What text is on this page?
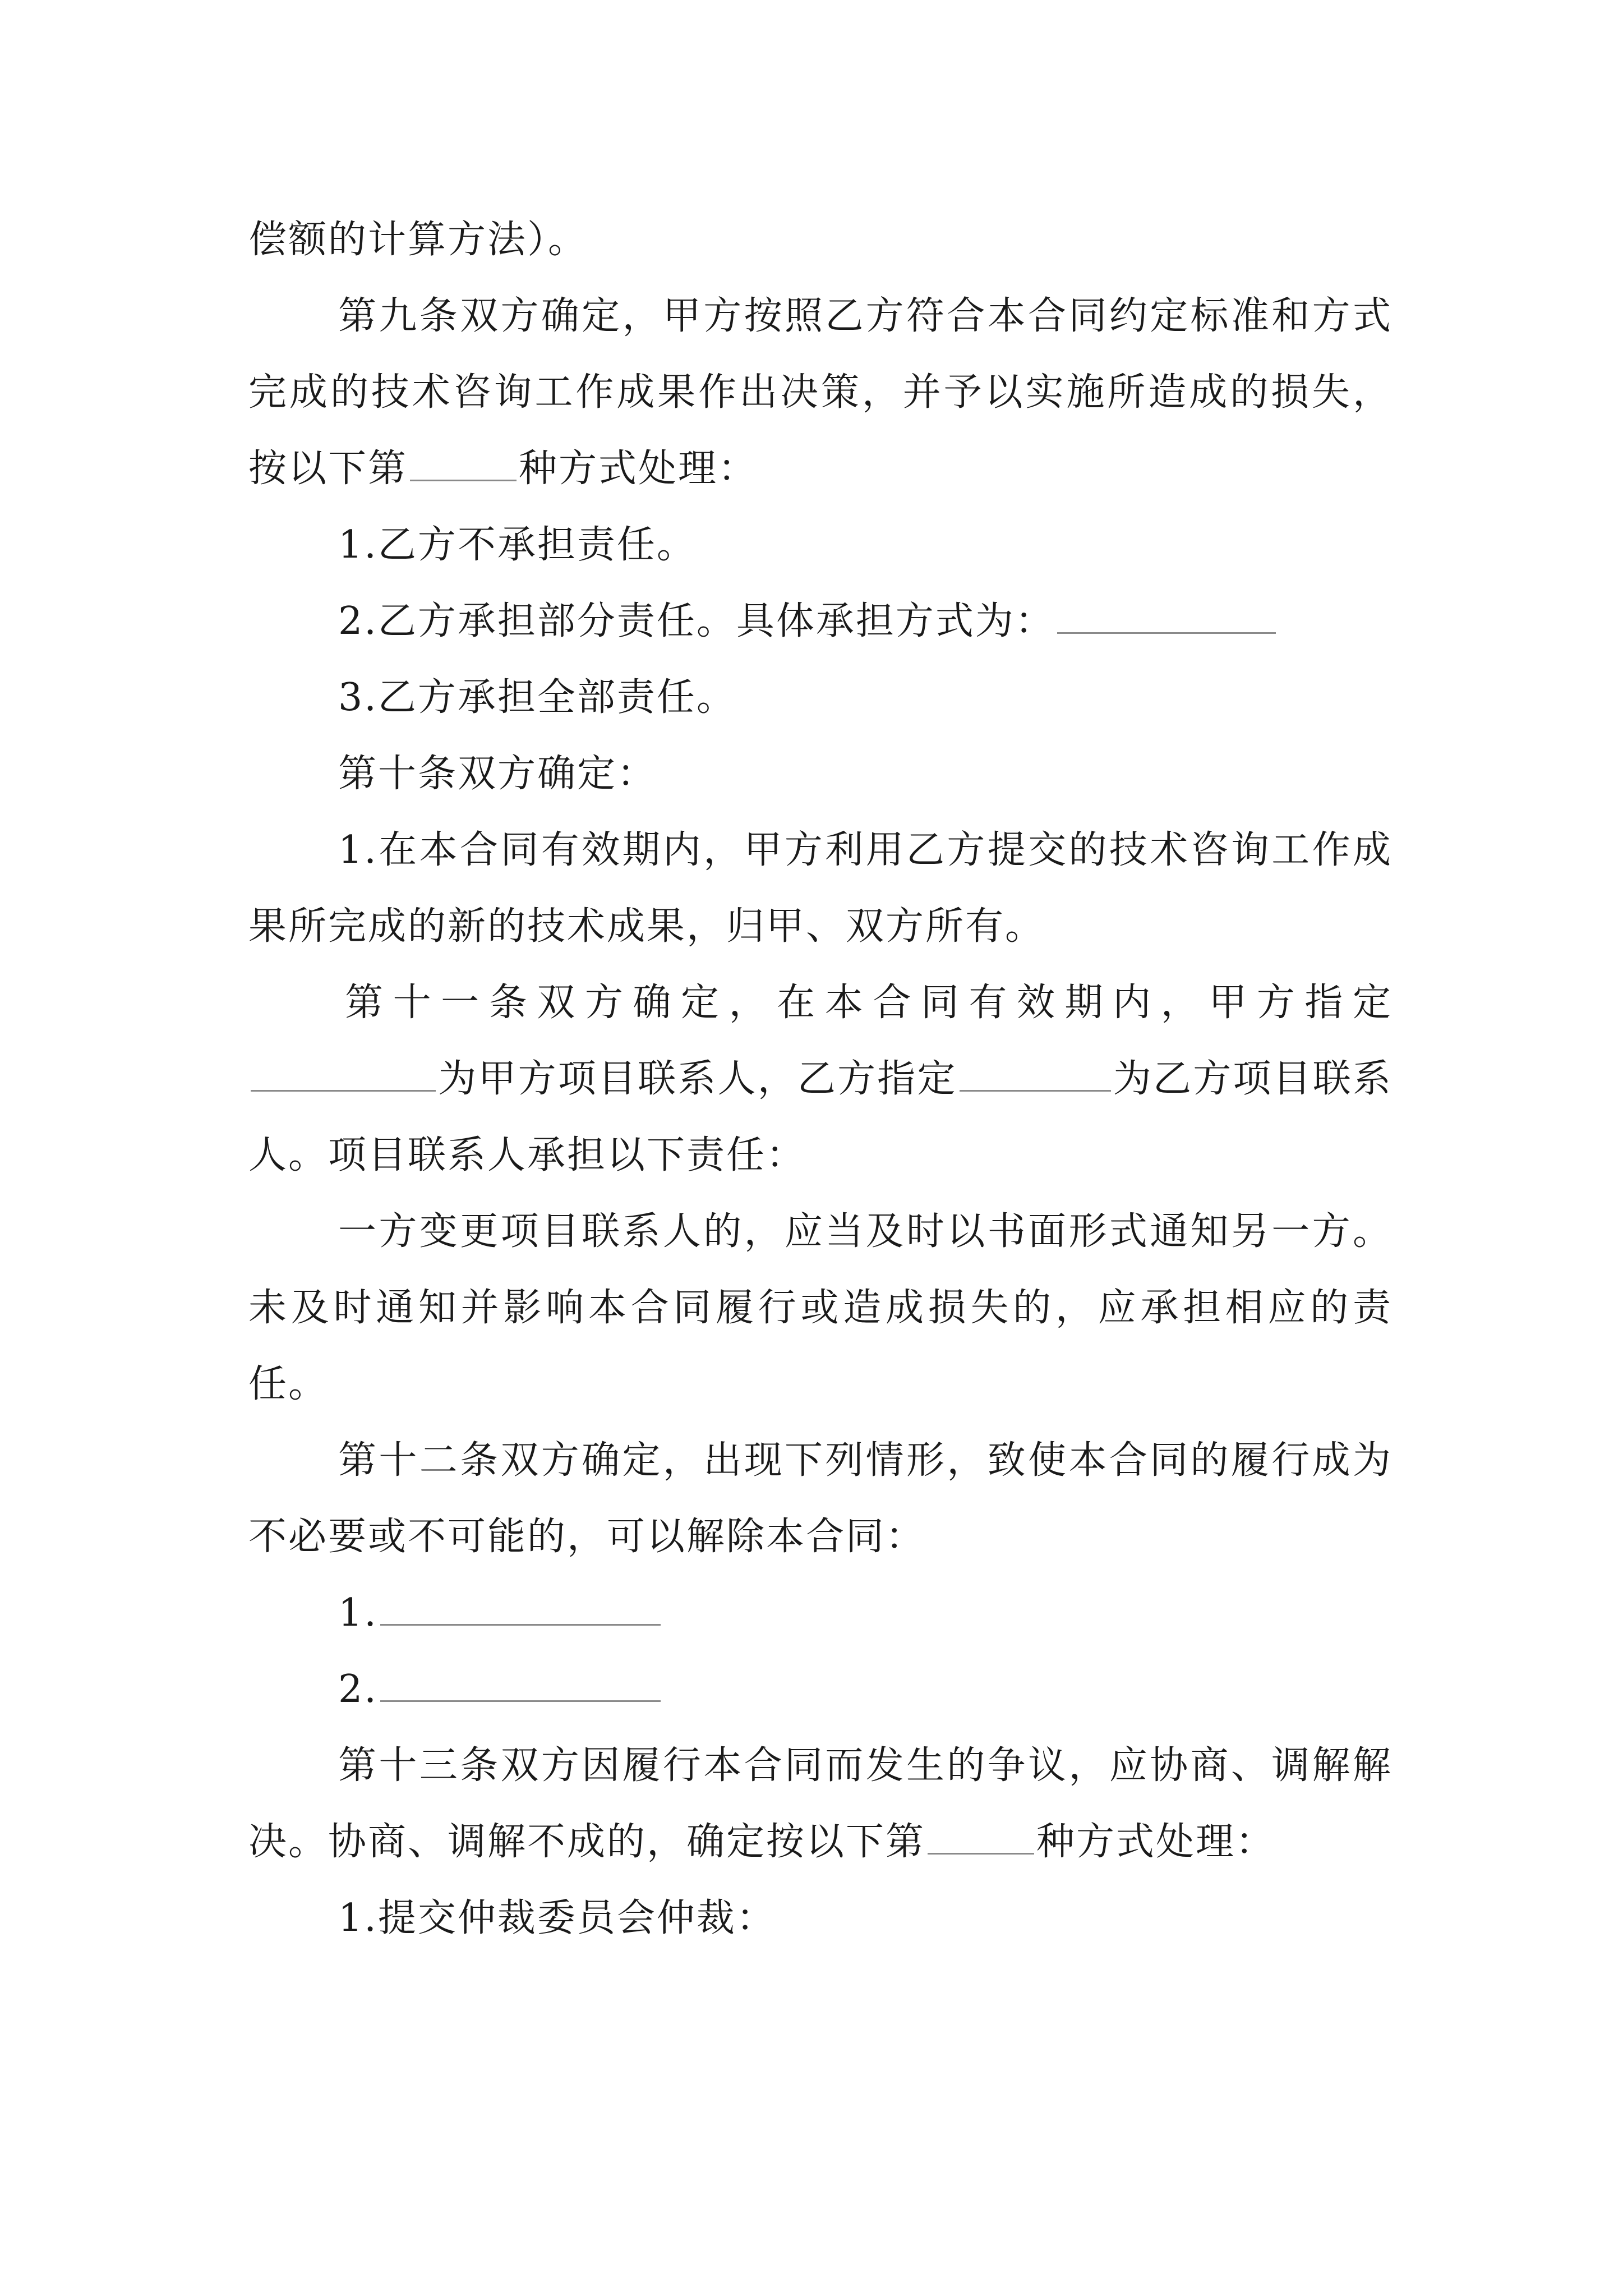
偿额的计算方法）。

第九条双方确定，甲方按照乙方符合本合同约定标准和方式完成的技术咨询工作成果作出决策，并予以实施所造成的损失，按以下第	种方式处理：

1.乙方不承担责任。

2.乙方承担部分责任。具体承担方式为：

3.乙方承担全部责任。

第十条双方确定：

1.在本合同有效期内，甲方利用乙方提交的技术咨询工作成果所完成的新的技术成果，归甲、双方所有。

第十一条双方确定，在本合同有效期内，甲方指定为甲方项目联系人，乙方指定	为乙方项目联系人。项目联系人承担以下责任：

一方变更项目联系人的，应当及时以书面形式通知另一方。未及时通知并影响本合同履行或造成损失的，应承担相应的责任。

第十二条双方确定，出现下列情形，致使本合同的履行成为不必要或不可能的，可以解除本合同：

1.

2.

第十三条双方因履行本合同而发生的争议，应协商、调解解决。协商、调解不成的，确定按以下第	种方式处理：

1.提交仲裁委员会仲裁：
